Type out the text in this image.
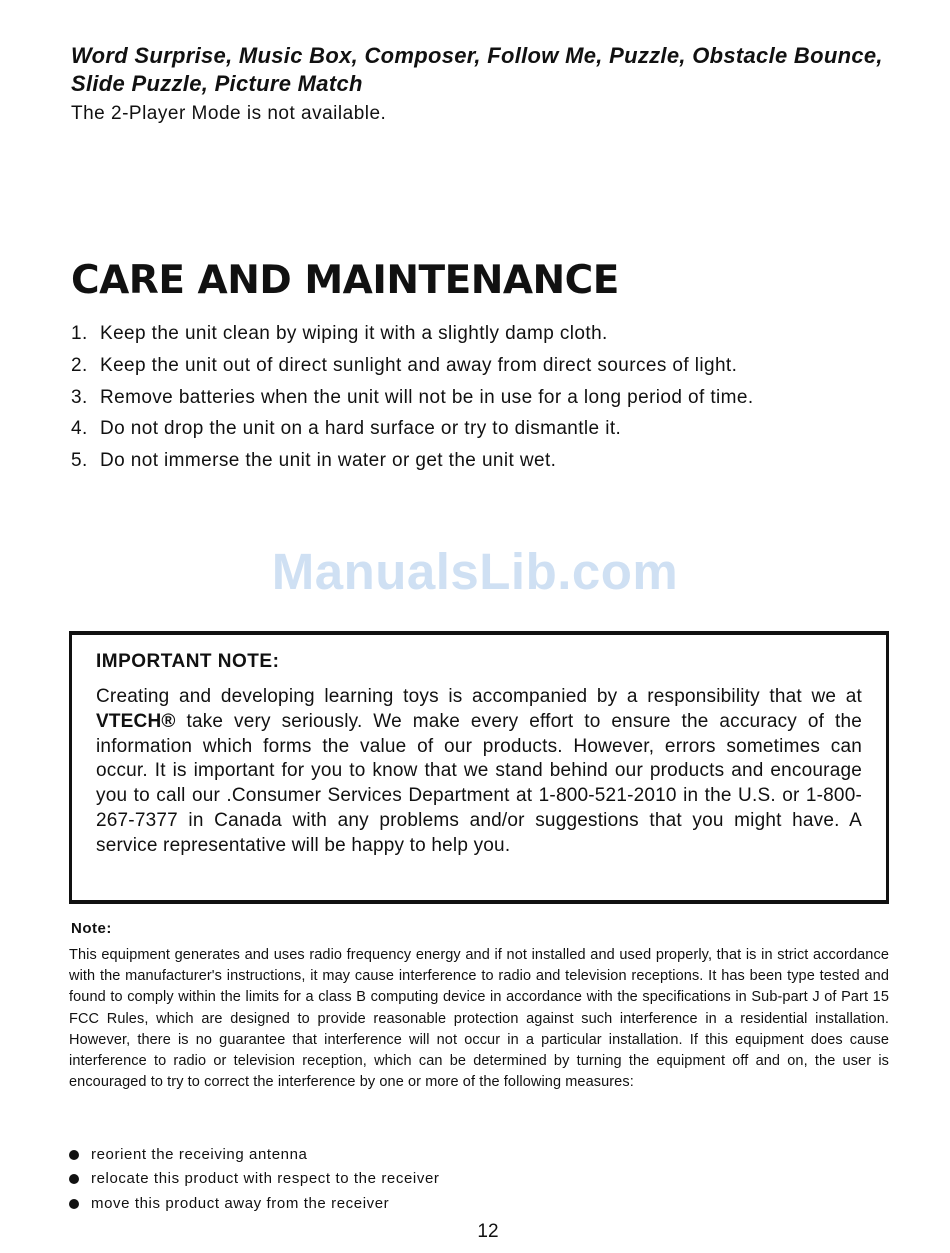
Word Surprise, Music Box, Composer, Follow Me, Puzzle, Obstacle Bounce, Slide Puzzle, Picture Match
The 2-Player Mode is not available.
CARE AND MAINTENANCE
1. Keep the unit clean by wiping it with a slightly damp cloth.
2. Keep the unit out of direct sunlight and away from direct sources of light.
3. Remove batteries when the unit will not be in use for a long period of time.
4. Do not drop the unit on a hard surface or try to dismantle it.
5. Do not immerse the unit in water or get the unit wet.
ManualsLib.com
IMPORTANT NOTE:
Creating and developing learning toys is accompanied by a responsibility that we at VTECH® take very seriously. We make every effort to ensure the accuracy of the information which forms the value of our products. However, errors sometimes can occur. It is important for you to know that we stand behind our products and encourage you to call our .Consumer Services Department at 1-800-521-2010 in the U.S. or 1-800-267-7377 in Canada with any problems and/or suggestions that you might have. A service representative will be happy to help you.
Note:
This equipment generates and uses radio frequency energy and if not installed and used properly, that is in strict accordance with the manufacturer's instructions, it may cause interference to radio and television receptions. It has been type tested and found to comply within the limits for a class B computing device in accordance with the specifications in Sub-part J of Part 15 FCC Rules, which are designed to provide reasonable protection against such interference in a residential installation. However, there is no guarantee that interference will not occur in a particular installation. If this equipment does cause interference to radio or television reception, which can be determined by turning the equipment off and on, the user is encouraged to try to correct the interference by one or more of the following measures:
reorient the receiving antenna
relocate this product with respect to the receiver
move this product away from the receiver
12
